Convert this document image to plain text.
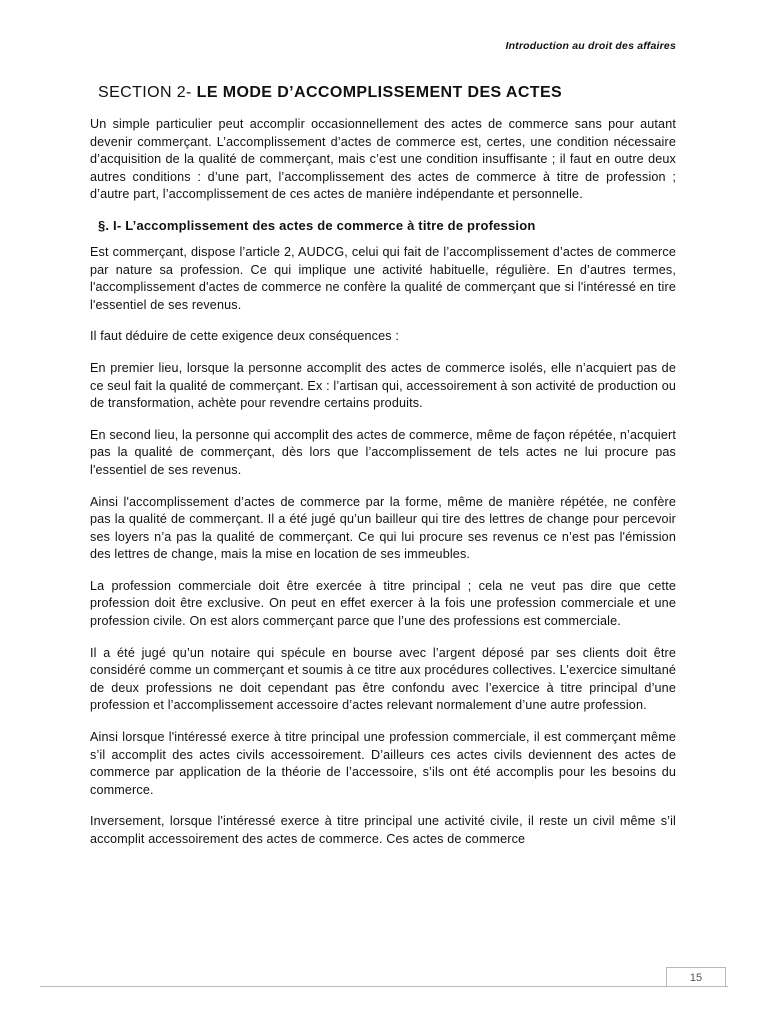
Introduction au droit des affaires
SECTION 2- LE MODE D’ACCOMPLISSEMENT DES ACTES

Un simple particulier peut accomplir occasionnellement des actes de commerce sans pour autant devenir commerçant. L’accomplissement d’actes de commerce est, certes, une condition nécessaire d’acquisition de la qualité de commerçant, mais c’est une condition insuffisante ; il faut en outre deux autres conditions : d’une part, l’accomplissement des actes de commerce à titre de profession ; d’autre part, l’accomplissement de ces actes de manière indépendante et personnelle.

§. I- L’accomplissement des actes de commerce à titre de profession

Est commerçant, dispose l’article 2, AUDCG, celui qui fait de l’accomplissement d’actes de commerce par nature sa profession. Ce qui implique une activité habituelle, régulière. En d’autres termes, l'accomplissement d'actes de commerce ne confère la qualité de commerçant que si l'intéressé en tire l'essentiel de ses revenus.

Il faut déduire de cette exigence deux conséquences :

En premier lieu, lorsque la personne accomplit des actes de commerce isolés, elle n’acquiert pas de ce seul fait la qualité de commerçant. Ex : l’artisan qui, accessoirement à son activité de production ou de transformation, achète pour revendre certains produits.

En second lieu, la personne qui accomplit des actes de commerce, même de façon répétée, n’acquiert pas la qualité de commerçant, dès lors que l’accomplissement de tels actes ne lui procure pas l'essentiel de ses revenus.

Ainsi l'accomplissement d’actes de commerce par la forme, même de manière répétée, ne confère pas la qualité de commerçant. Il a été jugé qu’un bailleur qui tire des lettres de change pour percevoir ses loyers n’a pas la qualité de commerçant. Ce qui lui procure ses revenus ce n’est pas l'émission des lettres de change, mais la mise en location de ses immeubles.

La profession commerciale doit être exercée à titre principal ; cela ne veut pas dire que cette profession doit être exclusive. On peut en effet exercer à la fois une profession commerciale et une profession civile. On est alors commerçant parce que l’une des professions est commerciale.

Il a été jugé qu’un notaire qui spécule en bourse avec l’argent déposé par ses clients doit être considéré comme un commerçant et soumis à ce titre aux procédures collectives. L’exercice simultané de deux professions ne doit cependant pas être confondu avec l’exercice à titre principal d’une profession et l’accomplissement accessoire d’actes relevant normalement d’une autre profession.

Ainsi lorsque l'intéressé exerce à titre principal une profession commerciale, il est commerçant même s’il accomplit des actes civils accessoirement. D’ailleurs ces actes civils deviennent des actes de commerce par application de la théorie de l’accessoire, s’ils ont été accomplis pour les besoins du commerce.

Inversement, lorsque l'intéressé exerce à titre principal une activité civile, il reste un civil même s’il accomplit accessoirement des actes de commerce. Ces actes de commerce

15
